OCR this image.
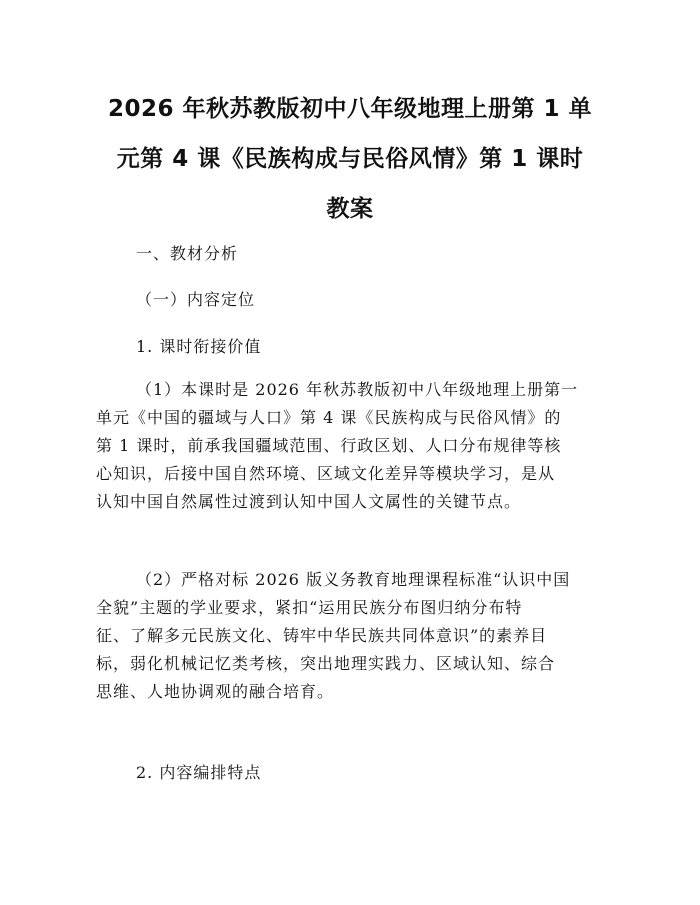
2026 年秋苏教版初中八年级地理上册第 1 单
元第 4 课《民族构成与民俗风情》第 1 课时
教案

一、教材分析

（一）内容定位

1. 课时衔接价值

（1）本课时是 2026 年秋苏教版初中八年级地理上册第一
单元《中国的疆域与人口》第 4 课《民族构成与民俗风情》的
第 1 课时，前承我国疆域范围、行政区划、人口分布规律等核
心知识，后接中国自然环境、区域文化差异等模块学习，是从
认知中国自然属性过渡到认知中国人文属性的关键节点。
（2）严格对标 2026 版义务教育地理课程标准“认识中国
全貌”主题的学业要求，紧扣“运用民族分布图归纳分布特
征、了解多元民族文化、铸牢中华民族共同体意识”的素养目
标，弱化机械记忆类考核，突出地理实践力、区域认知、综合
思维、人地协调观的融合培育。

2. 内容编排特点
